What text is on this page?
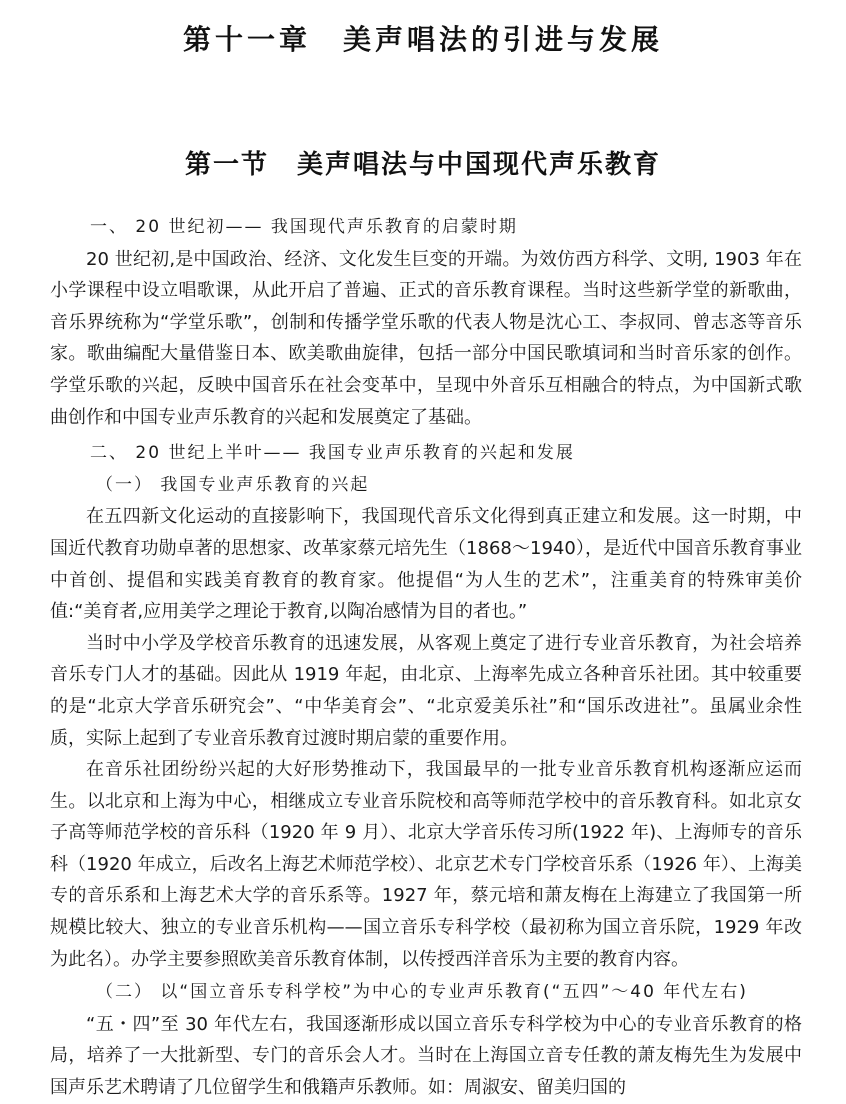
第十一章　美声唱法的引进与发展
第一节　美声唱法与中国现代声乐教育

一、 20 世纪初—— 我国现代声乐教育的启蒙时期

20 世纪初,是中国政治、经济、文化发生巨变的开端。为效仿西方科学、文明, 1903 年在小学课程中设立唱歌课，从此开启了普遍、正式的音乐教育课程。当时这些新学堂的新歌曲，音乐界统称为“学堂乐歌”，创制和传播学堂乐歌的代表人物是沈心工、李叔同、曾志忞等音乐家。歌曲编配大量借鉴日本、欧美歌曲旋律，包括一部分中国民歌填词和当时音乐家的创作。学堂乐歌的兴起，反映中国音乐在社会变革中，呈现中外音乐互相融合的特点，为中国新式歌曲创作和中国专业声乐教育的兴起和发展奠定了基础。

二、 20 世纪上半叶—— 我国专业声乐教育的兴起和发展

（一） 我国专业声乐教育的兴起

在五四新文化运动的直接影响下，我国现代音乐文化得到真正建立和发展。这一时期，中国近代教育功勋卓著的思想家、改革家蔡元培先生（1868～1940），是近代中国音乐教育事业中首创、提倡和实践美育教育的教育家。他提倡“为人生的艺术”，注重美育的特殊审美价值:“美育者,应用美学之理论于教育,以陶冶感情为目的者也。”

当时中小学及学校音乐教育的迅速发展，从客观上奠定了进行专业音乐教育，为社会培养音乐专门人才的基础。因此从 1919 年起，由北京、上海率先成立各种音乐社团。其中较重要的是“北京大学音乐研究会”、“中华美育会”、“北京爱美乐社”和“国乐改进社”。虽属业余性质，实际上起到了专业音乐教育过渡时期启蒙的重要作用。

在音乐社团纷纷兴起的大好形势推动下，我国最早的一批专业音乐教育机构逐渐应运而生。以北京和上海为中心，相继成立专业音乐院校和高等师范学校中的音乐教育科。如北京女子高等师范学校的音乐科（1920 年 9 月）、北京大学音乐传习所(1922 年)、上海师专的音乐科（1920 年成立，后改名上海艺术师范学校）、北京艺术专门学校音乐系（1926 年）、上海美专的音乐系和上海艺术大学的音乐系等。1927 年，蔡元培和萧友梅在上海建立了我国第一所规模比较大、独立的专业音乐机构——国立音乐专科学校（最初称为国立音乐院，1929 年改为此名）。办学主要参照欧美音乐教育体制，以传授西洋音乐为主要的教育内容。

（二） 以“国立音乐专科学校”为中心的专业声乐教育(“五四”～40 年代左右)

“五・四”至 30 年代左右，我国逐渐形成以国立音乐专科学校为中心的专业音乐教育的格局，培养了一大批新型、专门的音乐会人才。当时在上海国立音专任教的萧友梅先生为发展中国声乐艺术聘请了几位留学生和俄籍声乐教师。如：周淑安、留美归国的
